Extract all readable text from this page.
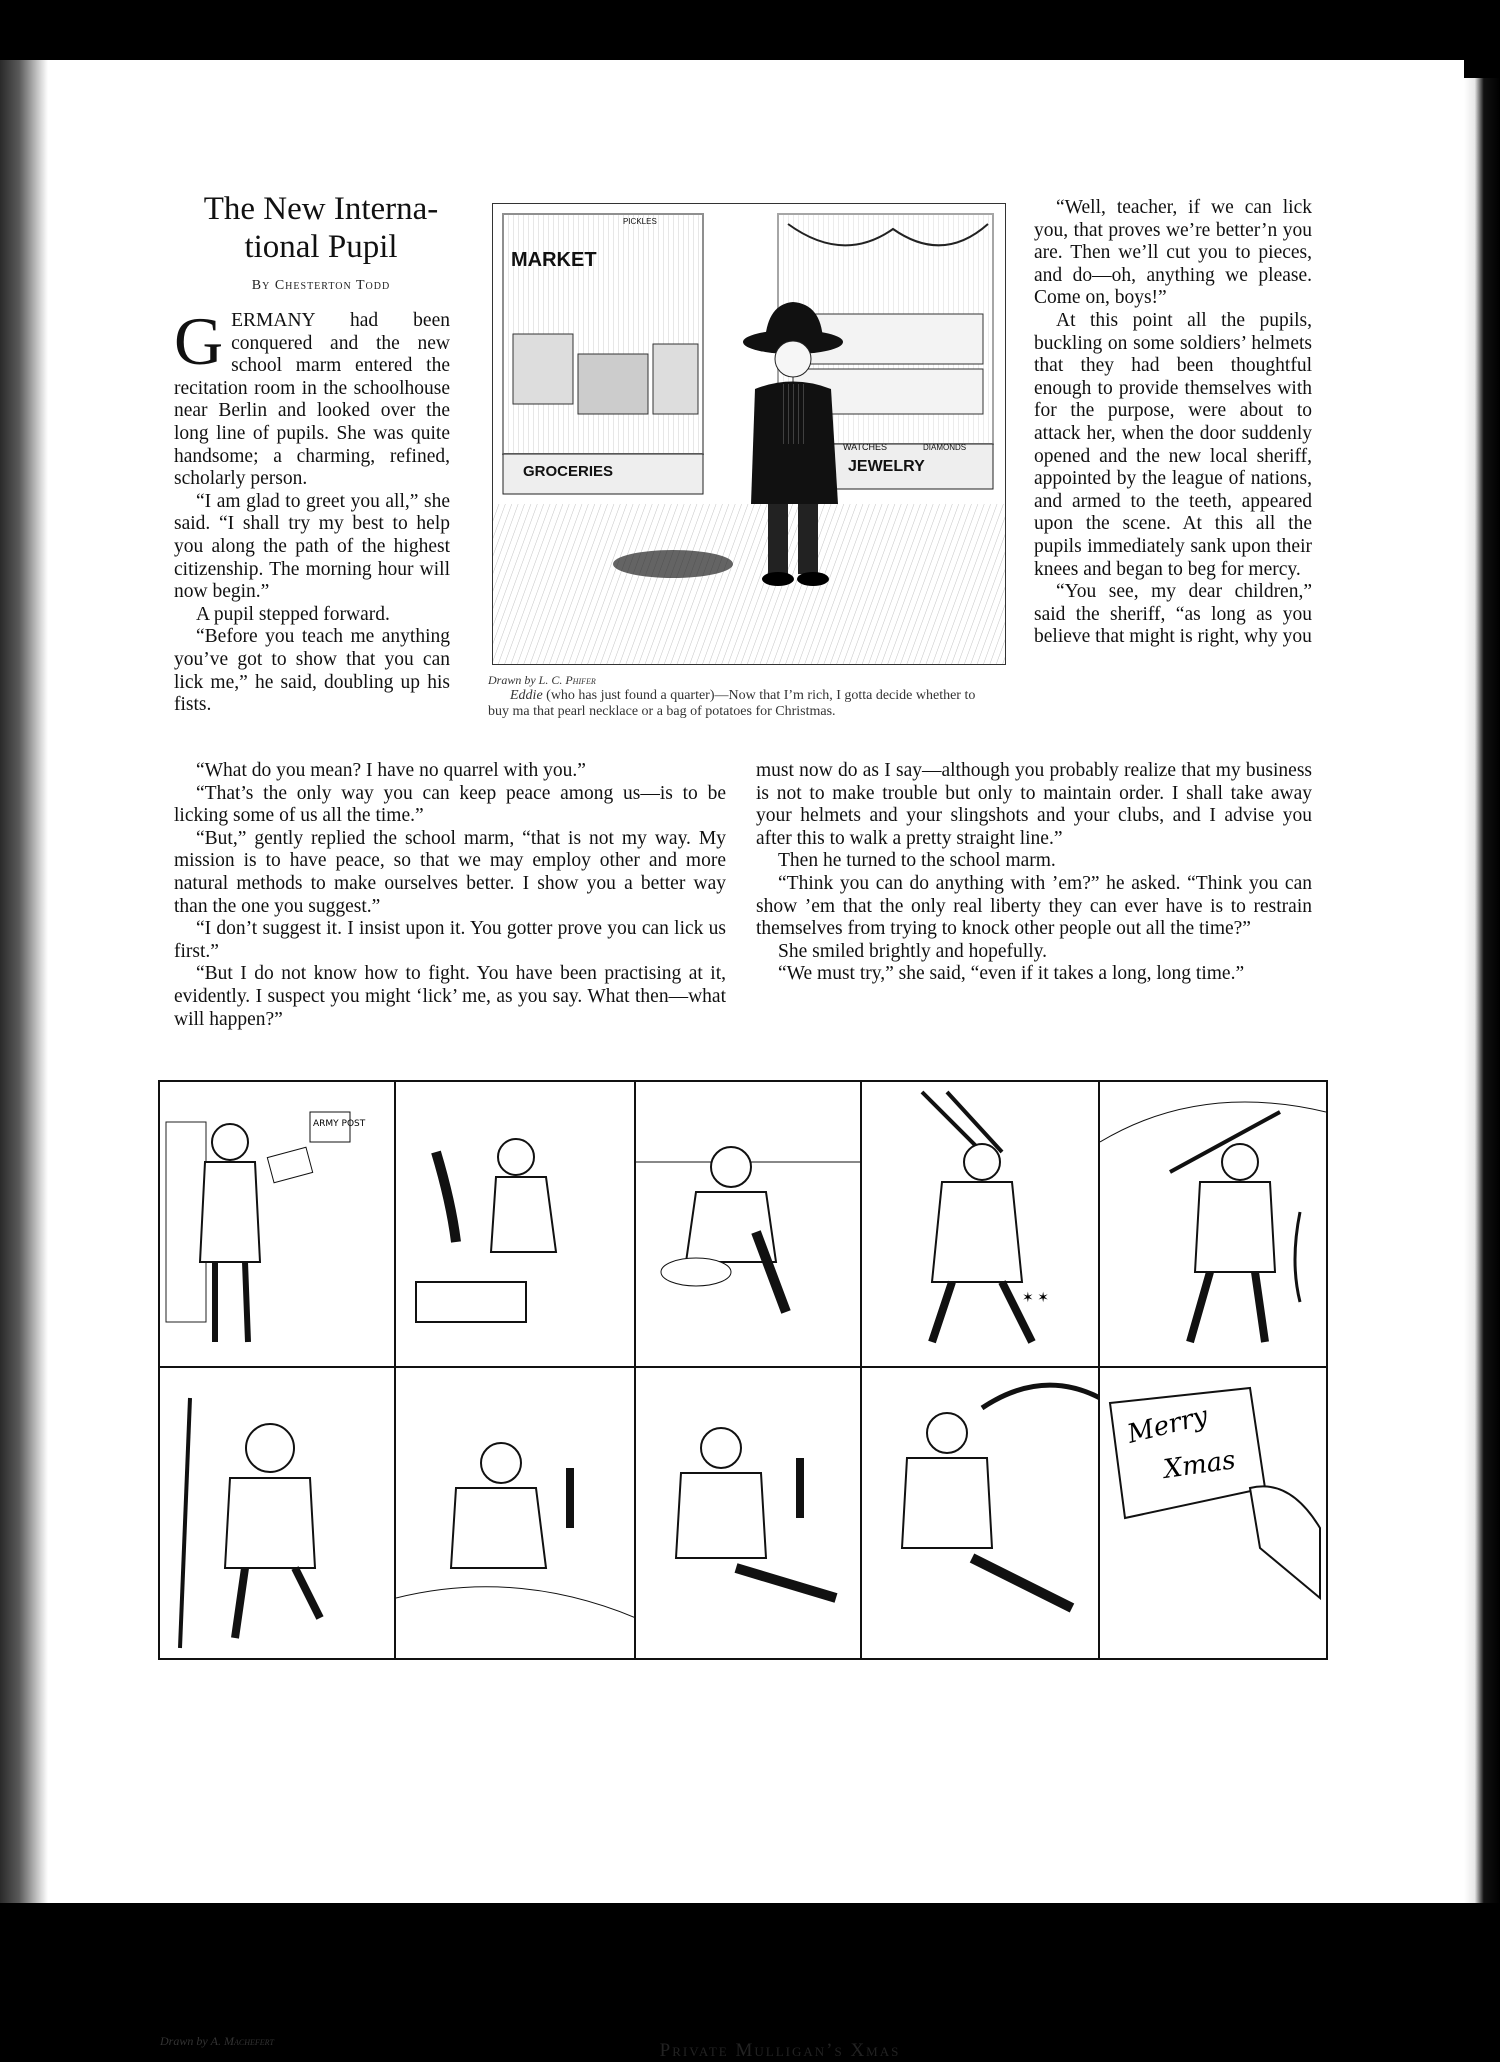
The New Interna-
tional Pupil
By Chesterton Todd

GERMANY had been conquered and the new school marm entered the recitation room in the schoolhouse near Berlin and looked over the long line of pupils. She was quite handsome; a charming, refined, scholarly person.

“I am glad to greet you all,” she said. “I shall try my best to help you along the path of the highest citizenship. The morning hour will now begin.”

A pupil stepped forward.

“Before you teach me anything you’ve got to show that you can lick me,” he said, doubling up his fists.

“What do you mean? I have no quarrel with you.”

“That’s the only way you can keep peace among us—is to be licking some of us all the time.”

“But,” gently replied the school marm, “that is not my way. My mission is to have peace, so that we may employ other and more natural methods to make ourselves better. I show you a better way than the one you suggest.”

“I don’t suggest it. I insist upon it. You gotter prove you can lick us first.”

“But I do not know how to fight. You have been practising at it, evidently. I suspect you might ‘lick’ me, as you say. What then—what will happen?”

“Well, teacher, if we can lick you, that proves we’re better’n you are. Then we’ll cut you to pieces, and do—oh, anything we please. Come on, boys!”

At this point all the pupils, buckling on some soldiers’ helmets that they had been thoughtful enough to provide themselves with for the purpose, were about to attack her, when the door suddenly opened and the new local sheriff, appointed by the league of nations, and armed to the teeth, appeared upon the scene. At this all the pupils immediately sank upon their knees and began to beg for mercy.

“You see, my dear children,” said the sheriff, “as long as you believe that might is right, why you

must now do as I say—although you probably realize that my business is not to make trouble but only to maintain order. I shall take away your helmets and your slingshots and your clubs, and I advise you after this to walk a pretty straight line.”

Then he turned to the school marm.

“Think you can do anything with ’em?” he asked. “Think you can show ’em that the only real liberty they can ever have is to restrain themselves from trying to knock other people out all the time?”

She smiled brightly and hopefully.

“We must try,” she said, “even if it takes a long, long time.”

MARKET
PICKLES
GROCERIES
WATCHES	DIAMONDS
JEWELRY
Drawn by L. C. Phifer
Eddie (who has just found a quarter)—Now that I’m rich, I gotta decide whether to buy ma that pearl necklace or a bag of potatoes for Christmas.
ARMY POST
✶ ✶
Merry
Xmas
Drawn by A. Machefert	Private Mulligan’s Xmas
comicbooks.com
